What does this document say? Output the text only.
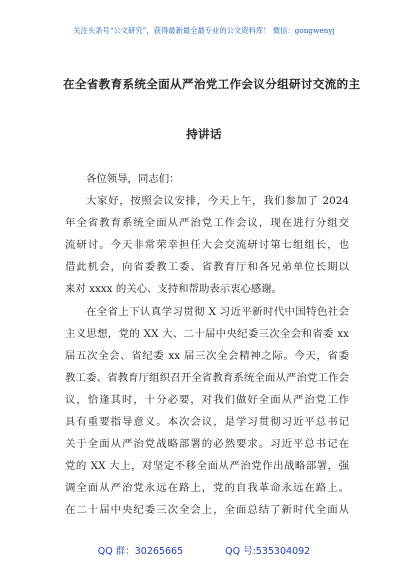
关注头条号“公文研究”，获得最新最全最专业的公文资料库！ 微信：gongwenyj
在全省教育系统全面从严治党工作会议分组研讨交流的主
持讲话
各位领导，同志们：
大家好，按照会议安排，今天上午，我们参加了 2024
年全省教育系统全面从严治党工作会议，现在进行分组交
流研讨。今天非常荣幸担任大会交流研讨第七组组长，也
借此机会，向省委教工委、省教育厅和各兄弟单位长期以
来对 xxxx 的关心、支持和帮助表示衷心感谢。
在全省上下认真学习贯彻 X 习近平新时代中国特色社会
主义思想，党的 XX 大、二十届中央纪委三次全会和省委 xx
届五次全会、省纪委 xx 届三次全会精神之际。今天，省委
教工委、省教育厅组织召开全省教育系统全面从严治党工作会
议，恰逢其时，十分必要，对我们做好全面从严治党工作
具有重要指导意义。本次会议，是学习贯彻习近平总书记
关于全面从严治党战略部署的必然要求。习近平总书记在
党的 XX 大上，对坚定不移全面从严治党作出战略部署，强
调全面从严治党永远在路上，党的自我革命永远在路上。
在二十届中央纪委三次全会上，全面总结了新时代全面从
QQ 群：30265665	QQ 号:535304092
